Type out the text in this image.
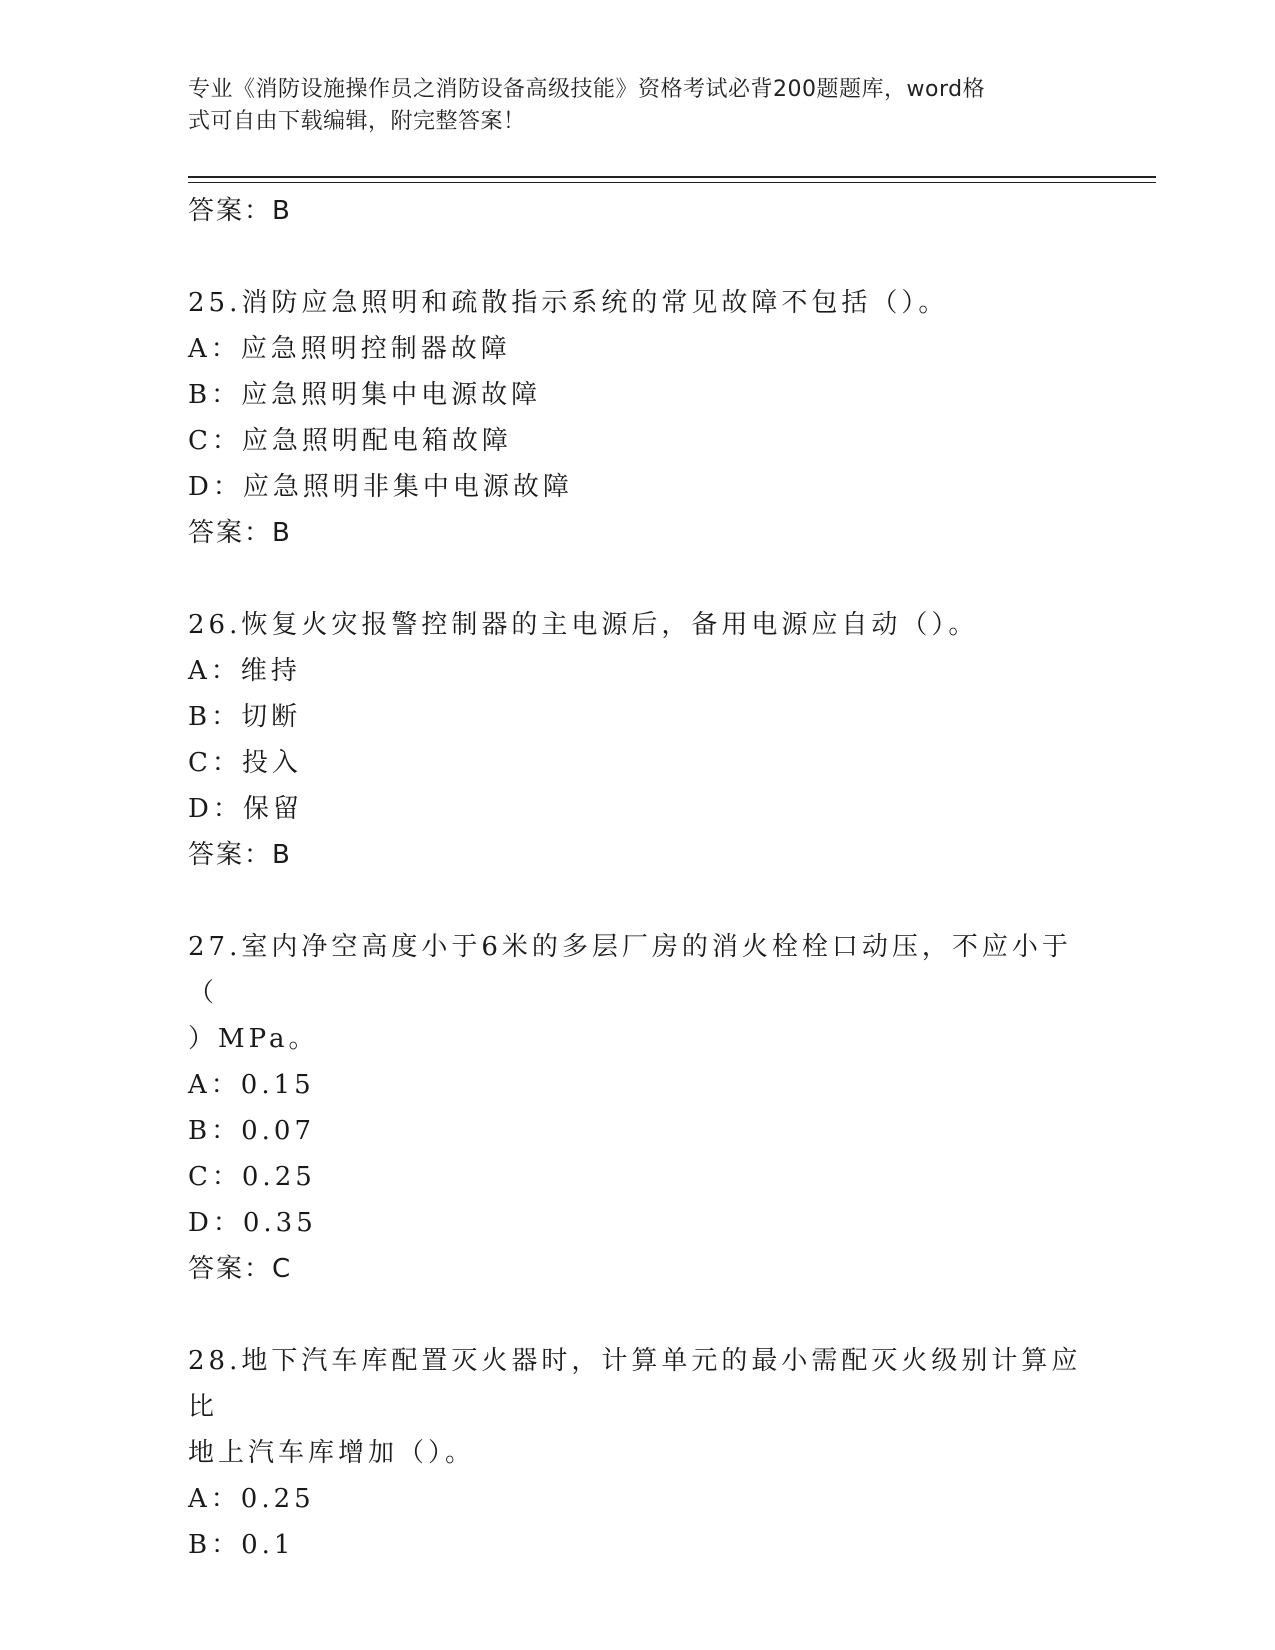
专业《消防设施操作员之消防设备高级技能》资格考试必背200题题库，word格
式可自由下载编辑，附完整答案！
答案：B
25.消防应急照明和疏散指示系统的常见故障不包括（）。
A：应急照明控制器故障
B：应急照明集中电源故障
C：应急照明配电箱故障
D：应急照明非集中电源故障
答案：B
26.恢复火灾报警控制器的主电源后，备用电源应自动（）。
A：维持
B：切断
C：投入
D：保留
答案：B
27.室内净空高度小于6米的多层厂房的消火栓栓口动压，不应小于（
）MPa。
A：0.15
B：0.07
C：0.25
D：0.35
答案：C
28.地下汽车库配置灭火器时，计算单元的最小需配灭火级别计算应比
地上汽车库增加（）。
A：0.25
B：0.1
